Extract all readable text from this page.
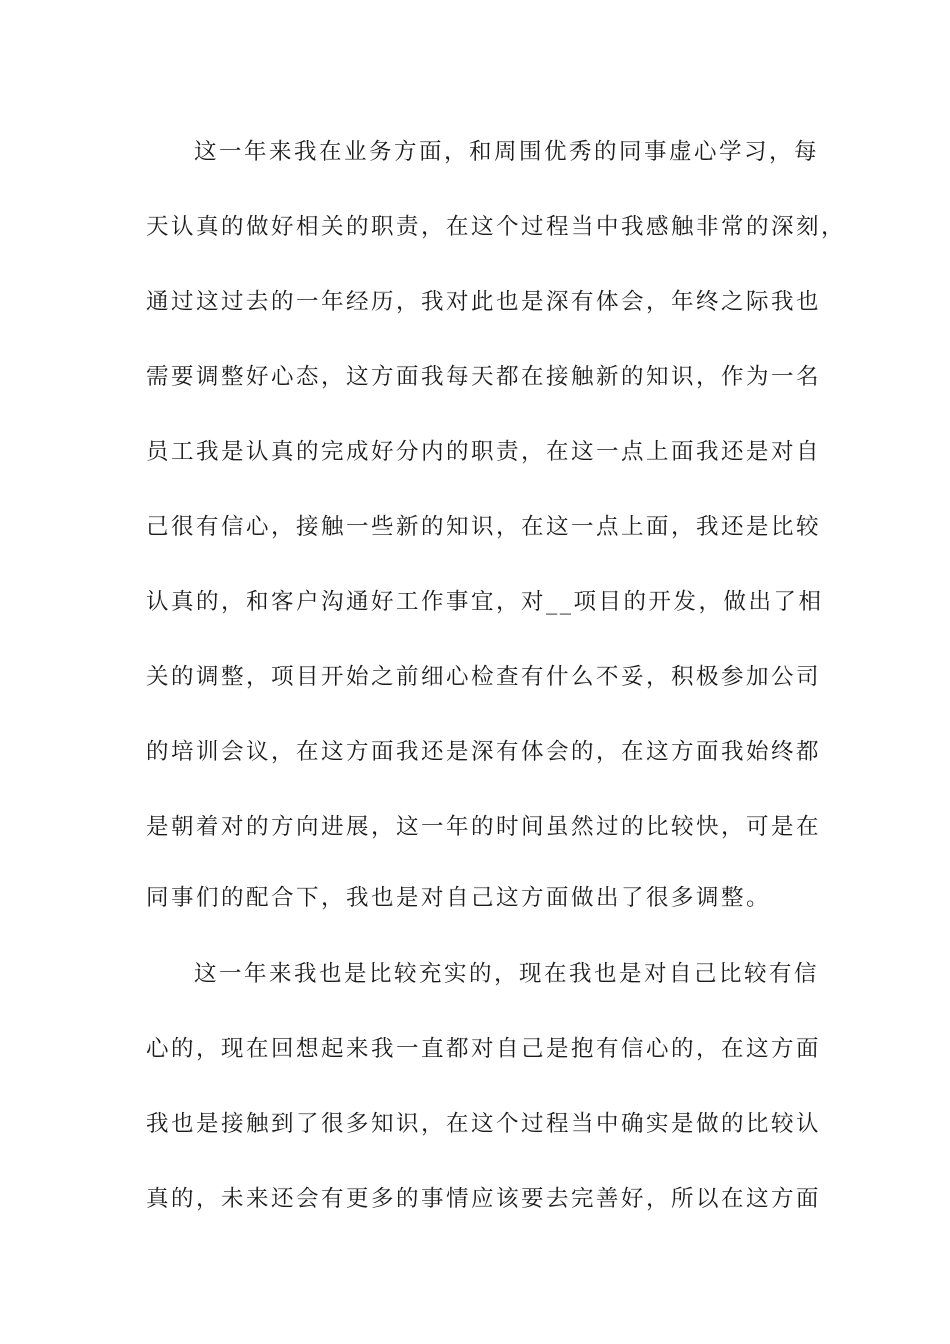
这一年来我在业务方面，和周围优秀的同事虚心学习，每
天认真的做好相关的职责，在这个过程当中我感触非常的深刻，
通过这过去的一年经历，我对此也是深有体会，年终之际我也
需要调整好心态，这方面我每天都在接触新的知识，作为一名
员工我是认真的完成好分内的职责，在这一点上面我还是对自
己很有信心，接触一些新的知识，在这一点上面，我还是比较
认真的，和客户沟通好工作事宜，对__项目的开发，做出了相
关的调整，项目开始之前细心检查有什么不妥，积极参加公司
的培训会议，在这方面我还是深有体会的，在这方面我始终都
是朝着对的方向进展，这一年的时间虽然过的比较快，可是在
同事们的配合下，我也是对自己这方面做出了很多调整。
这一年来我也是比较充实的，现在我也是对自己比较有信
心的，现在回想起来我一直都对自己是抱有信心的，在这方面
我也是接触到了很多知识，在这个过程当中确实是做的比较认
真的，未来还会有更多的事情应该要去完善好，所以在这方面
